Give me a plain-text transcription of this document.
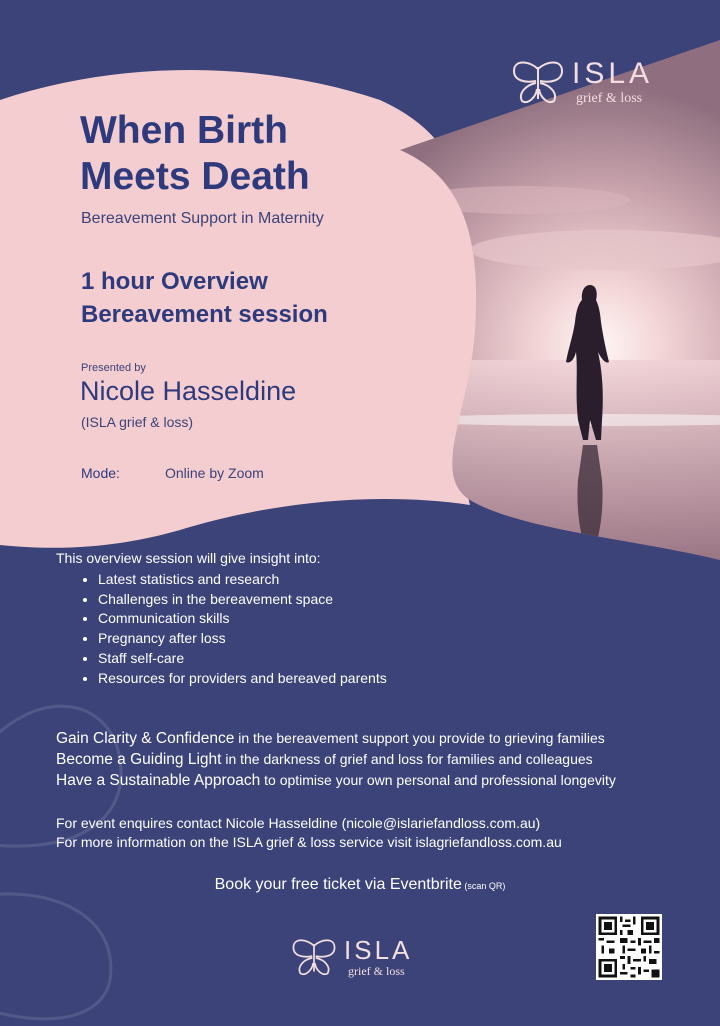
ISLA
grief & loss
When Birth
Meets Death
Bereavement Support in Maternity
1 hour Overview
Bereavement session
Presented by
Nicole Hasseldine
(ISLA grief & loss)
Mode:	Online by Zoom
This overview session will give insight into:
• Latest statistics and research
• Challenges in the bereavement space
• Communication skills
• Pregnancy after loss
• Staff self-care
• Resources for providers and bereaved parents
Gain Clarity & Confidence in the bereavement support you provide to grieving families
Become a Guiding Light in the darkness of grief and loss for families and colleagues
Have a Sustainable Approach to optimise your own personal and professional longevity
For event enquires contact Nicole Hasseldine (nicole@islariefandloss.com.au)
For more information on the ISLA grief & loss service visit islagriefandloss.com.au
Book your free ticket via Eventbrite (scan QR)
ISLA
grief & loss
